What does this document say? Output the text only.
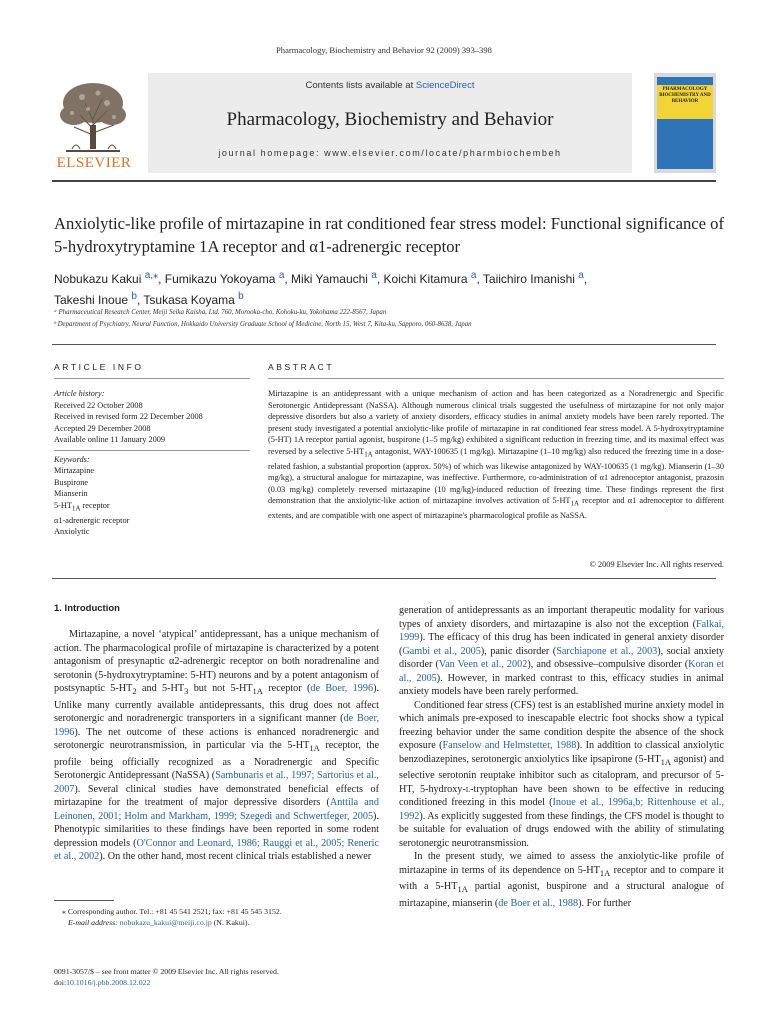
Pharmacology, Biochemistry and Behavior 92 (2009) 393–398
ELSEVIER
Contents lists available at ScienceDirect
Pharmacology, Biochemistry and Behavior
journal homepage: www.elsevier.com/locate/pharmbiochembeh
PHARMACOLOGY BIOCHEMISTRY AND BEHAVIOR
Anxiolytic-like profile of mirtazapine in rat conditioned fear stress model: Functional significance of 5-hydroxytryptamine 1A receptor and α1-adrenergic receptor
Nobukazu Kakui $^{a,⁎}$, Fumikazu Yokoyama $^a$, Miki Yamauchi $^a$, Koichi Kitamura $^a$, Taiichiro Imanishi $^a$,
Takeshi Inoue $^b$, Tsukasa Koyama $^b$
ᵃ Pharmaceutical Research Center, Meiji Seika Kaisha, Ltd. 760, Morooka-cho, Kohoku-ku, Yokohama 222-8567, Japan
ᵇ Department of Psychiatry, Neural Function, Hokkaido University Graduate School of Medicine, North 15, West 7, Kita-ku, Sapporo, 060-8638, Japan
ARTICLE INFO	ABSTRACT
Article history:
Received 22 October 2008
Received in revised form 22 December 2008
Accepted 29 December 2008
Available online 11 January 2009
Keywords:
Mirtazapine
Buspirone
Mianserin
$5-HT_{1A}$ receptor
α1-adrenergic receptor
Anxiolytic
Mirtazapine is an antidepressant with a unique mechanism of action and has been categorized as a Noradrenergic and Specific Serotonergic Antidepressant (NaSSA). Although numerous clinical trials suggested the usefulness of mirtazapine for not only major depressive disorders but also a variety of anxiety disorders, efficacy studies in animal anxiety models have been rarely reported. The present study investigated a potential anxiolytic-like profile of mirtazapine in rat conditioned fear stress model. A 5-hydroxytryptamine (5-HT) 1A receptor partial agonist, buspirone (1–5 mg/kg) exhibited a significant reduction in freezing time, and its maximal effect was reversed by a selective $5-HT_{1A}$ antagonist, WAY-100635 (1 mg/kg). Mirtazapine (1–10 mg/kg) also reduced the freezing time in a dose-related fashion, a substantial proportion (approx. 50%) of which was likewise antagonized by WAY-100635 (1 mg/kg). Mianserin (1–30 mg/kg), a structural analogue for mirtazapine, was ineffective. Furthermore, co-administration of α1 adrenoceptor antagonist, prazosin (0.03 mg/kg) completely reversed mirtazapine (10 mg/kg)-induced reduction of freezing time. These findings represent the first demonstration that the anxiolytic-like action of mirtazapine involves activation of $5-HT_{1A}$ receptor and α1 adrenoceptor to different extents, and are compatible with one aspect of mirtazapine's pharmacological profile as NaSSA.
© 2009 Elsevier Inc. All rights reserved.
1. Introduction

Mirtazapine, a novel ‘atypical’ antidepressant, has a unique mechanism of action. The pharmacological profile of mirtazapine is characterized by a potent antagonism of presynaptic α2-adrenergic receptor on both noradrenaline and serotonin (5-hydroxytryptamine: 5-HT) neurons and by a potent antagonism of postsynaptic $5-HT_2$ and $5-HT_3$ but not $5-HT_{1A}$ receptor (de Boer, 1996). Unlike many currently available antidepressants, this drug does not affect serotonergic and noradrenergic transporters in a significant manner (de Boer, 1996). The net outcome of these actions is enhanced noradrenergic and serotonergic neurotransmission, in particular via the $5-HT_{1A}$ receptor, the profile being officially recognized as a Noradrenergic and Specific Serotonergic Antidepressant (NaSSA) (Sambunaris et al., 1997; Sartorius et al., 2007). Several clinical studies have demonstrated beneficial effects of mirtazapine for the treatment of major depressive disorders (Anttila and Leinonen, 2001; Holm and Markham, 1999; Szegedi and Schwertfeger, 2005). Phenotypic similarities to these findings have been reported in some rodent depression models (O'Connor and Leonard, 1986; Rauggi et al., 2005; Reneric et al., 2002). On the other hand, most recent clinical trials established a newer

generation of antidepressants as an important therapeutic modality for various types of anxiety disorders, and mirtazapine is also not the exception (Falkai, 1999). The efficacy of this drug has been indicated in general anxiety disorder (Gambi et al., 2005), panic disorder (Sarchiapone et al., 2003), social anxiety disorder (Van Veen et al., 2002), and obsessive–compulsive disorder (Koran et al., 2005). However, in marked contrast to this, efficacy studies in animal anxiety models have been rarely performed.

Conditioned fear stress (CFS) test is an established murine anxiety model in which animals pre-exposed to inescapable electric foot shocks show a typical freezing behavior under the same condition despite the absence of the shock exposure (Fanselow and Helmstetter, 1988). In addition to classical anxiolytic benzodiazepines, serotonergic anxiolytics like ipsapirone ($5-HT_{1A}$ agonist) and selective serotonin reuptake inhibitor such as citalopram, and precursor of 5-HT, 5-hydroxy-l-tryptophan have been shown to be effective in reducing conditioned freezing in this model (Inoue et al., 1996a,b; Rittenhouse et al., 1992). As explicitly suggested from these findings, the CFS model is thought to be suitable for evaluation of drugs endowed with the ability of stimulating serotonergic neurotransmission.

In the present study, we aimed to assess the anxiolytic-like profile of mirtazapine in terms of its dependence on $5-HT_{1A}$ receptor and to compare it with a $5-HT_{1A}$ partial agonist, buspirone and a structural analogue of mirtazapine, mianserin (de Boer et al., 1988). For further

⁎ Corresponding author. Tel.: +81 45 541 2521; fax: +81 45 545 3152.
E-mail address: nobukazu_kakui@meiji.co.jp (N. Kakui).
0091-3057/$ – see front matter © 2009 Elsevier Inc. All rights reserved.
doi:10.1016/j.pbb.2008.12.022
